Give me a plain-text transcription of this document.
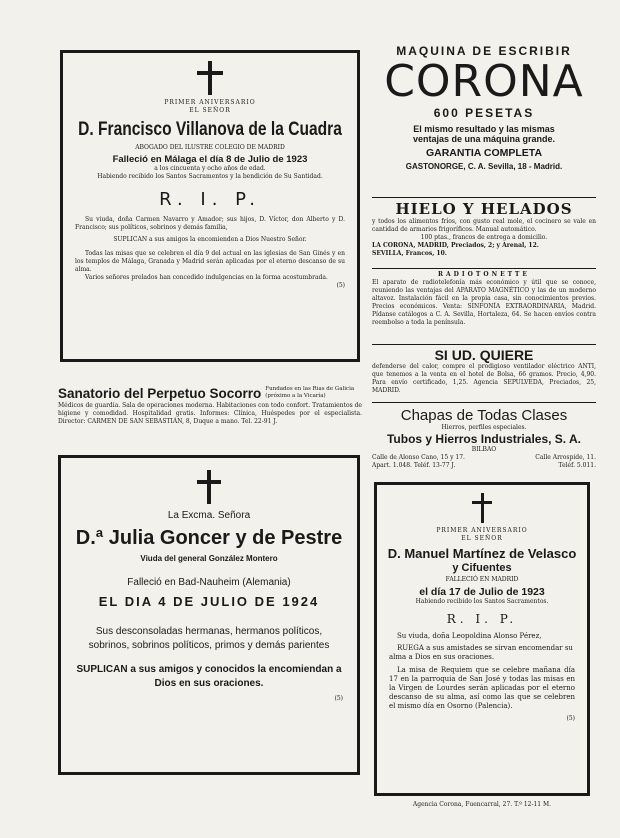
PRIMER ANIVERSARIO
EL SEÑOR
D. Francisco Villanova de la Cuadra
ABOGADO DEL ILUSTRE COLEGIO DE MADRID
Falleció en Málaga el día 8 de Julio de 1923
a los cincuenta y ocho años de edad.
Habiendo recibido los Santos Sacramentos y la bendición de Su Santidad.
R. I. P.
Su viuda, doña Carmen Navarro y Amador; sus hijos, D. Víctor, don Alberto y D. Francisco; sus políticos, sobrinos y demás familia,
SUPLICAN a sus amigos la encomienden a Dios Nuestro Señor.
Todas las misas que se celebren el día 9 del actual en las iglesias de San Ginés y en los templos de Málaga, Granada y Madrid serán aplicadas por el eterno descanso de su alma.
Varios señores prelados han concedido indulgencias en la forma acostumbrada.
(5)
Sanatorio del Perpetuo Socorro Fundados en las Rías de Galicia (próximo a la Vicaría)
Médicos de guardia. Sala de operaciones moderna. Habitaciones con todo confort. Tratamientos de higiene y comodidad. Hospitalidad gratis. Informes: Clínica, Huéspedes por el especialista. Director: CARMEN DE SAN SEBASTIÁN, 8, Duque a mano. Tel. 22-91 J.
La Excma. Señora
D.ª Julia Goncer y de Pestre
Viuda del general González Montero
Falleció en Bad-Nauheim (Alemania)
EL DIA 4 DE JULIO DE 1924
Sus desconsoladas hermanas, hermanos políticos, sobrinos, sobrinos políticos, primos y demás parientes
SUPLICAN a sus amigos y conocidos la encomiendan a Dios en sus oraciones.
(5)
MAQUINA DE ESCRIBIR
CORONA
600 PESETAS
El mismo resultado y las mismas
ventajas de una máquina grande.
GARANTIA COMPLETA
GASTONORGE, C. A. Sevilla, 18 - Madrid.
HIELO Y HELADOS
y todos los alimentos fríos, con gusto real mole, el cocinero se vale en cantidad de armarios frigoríficos. Manual automático.
100 ptas., francos de entrega a domicilio.
LA CORONA, MADRID, Preciados, 2; y Arenal, 12.
SEVILLA, Francos, 10.
RADIOTONETTE
El aparato de radiotelefonía más económico y útil que se conoce, reuniendo las ventajas del APARATO MAGNÉTICO y las de un moderno altavoz. Instalación fácil en la propia casa, sin conocimientos previos. Precios económicos. Venta: SINFONÍA EXTRAORDINARIA, Madrid. Pídanse catálogos a C. A. Sevilla, Hortaleza, 64. Se hacen envíos contra reembolso a toda la península.
SI UD. QUIERE
defenderse del calor, compre el prodigioso ventilador eléctrico ANTI, que tenemos a la venta en el hotel de Bolsa, 66 gramos. Precio, 4,90. Para envío certificado, 1,25. Agencia SEPULVEDA, Preciados, 25, MADRID.
Chapas de Todas Clases
Hierros, perfiles especiales.
Tubos y Hierros Industriales, S. A.
BILBAO
Calle de Alonso Cano, 15 y 17.
Apart. 1.048. Teléf. 13-77 J.
Calle Arrospide, 11.
Teléf. 5.011.
PRIMER ANIVERSARIO
EL SEÑOR
D. Manuel Martínez de Velasco
y Cifuentes
FALLECIÓ EN MADRID
el día 17 de Julio de 1923
Habiendo recibido los Santos Sacramentos.
R. I. P.
Su viuda, doña Leopoldina Alonso Pérez,
RUEGA a sus amistades se sirvan encomendar su alma a Dios en sus oraciones.
La misa de Requiem que se celebre mañana día 17 en la parroquia de San José y todas las misas en la Virgen de Lourdes serán aplicadas por el eterno descanso de su alma, así como las que se celebren el mismo día en Osorno (Palencia).
(5)
Agencia Corona, Fuencarral, 27. T.º 12-11 M.
